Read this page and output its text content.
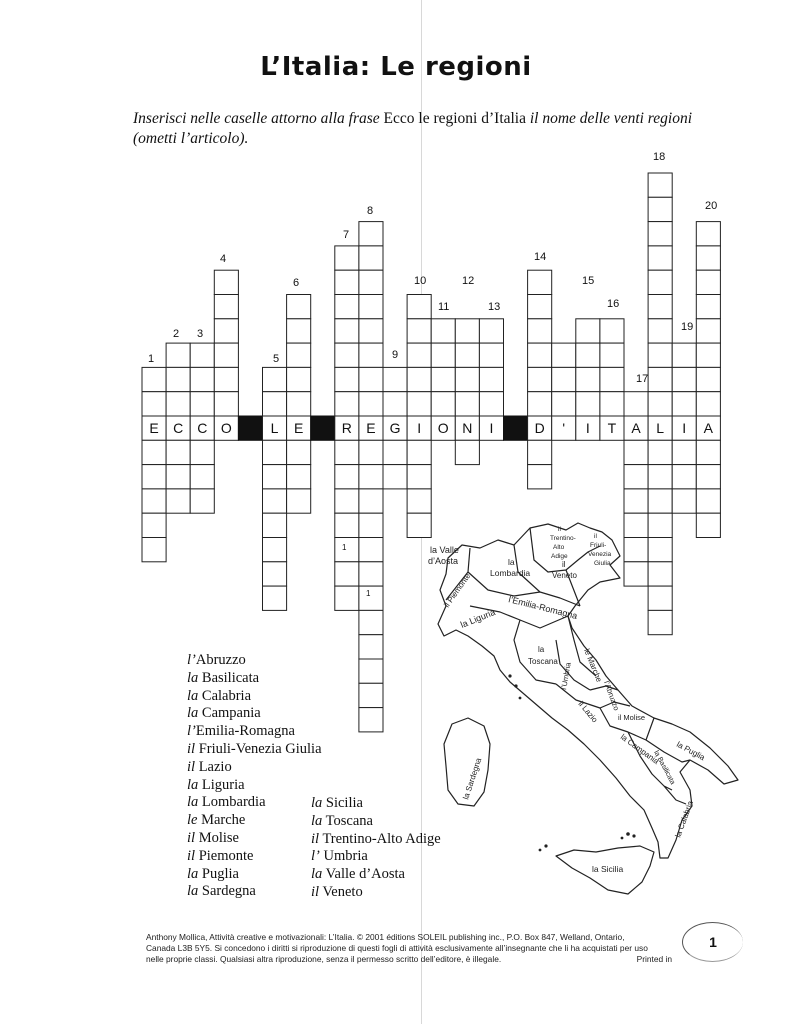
L’Italia: Le regioni
Inserisci nelle caselle attorno alla frase Ecco le regioni d’Italia il nome delle venti regioni (ometti l’articolo).
E C C O	L E	R E G I O N I	D ' I T A L I A
1
2 3
4
5
6
7
8
9
10
11
12
13
14
15
16
17
18
19
20
1
1
la Valle d’Aosta
il Trentino- Alto Adige
il Friuli- Venezia Giulia
la Lombardia
il Veneto
il Piemonte	l’Emilia-Romagna
la Liguria
la Toscana	le Marche
l’Umbria
l’Abruzzo
il Lazio il Molise
la Sardegna
la Campania
la Basilicata la Puglia
la Calabria
la Sicilia
l’Abruzzo
la Basilicata
la Calabria
la Campania
l’Emilia-Romagna
il Friuli-Venezia Giulia
il Lazio
la Liguria
la Lombardia
le Marche
il Molise
il Piemonte
la Puglia
la Sardegna
la Sicilia
la Toscana
il Trentino-Alto Adige
l’ Umbria
la Valle d’Aosta
il Veneto
Anthony Mollica, Attività creative e motivazionali: L’Italia. © 2001 éditions SOLEIL publishing inc., P.O. Box 847, Welland, Ontario,
Canada L3B 5Y5. Si concedono i diritti si riproduzione di questi fogli di attività esclusivamente all’insegnante che li ha acquistati per uso
nelle proprie classi. Qualsiasi altra riproduzione, senza il permesso scritto dell’editore, è illegale.	Printed in
1
